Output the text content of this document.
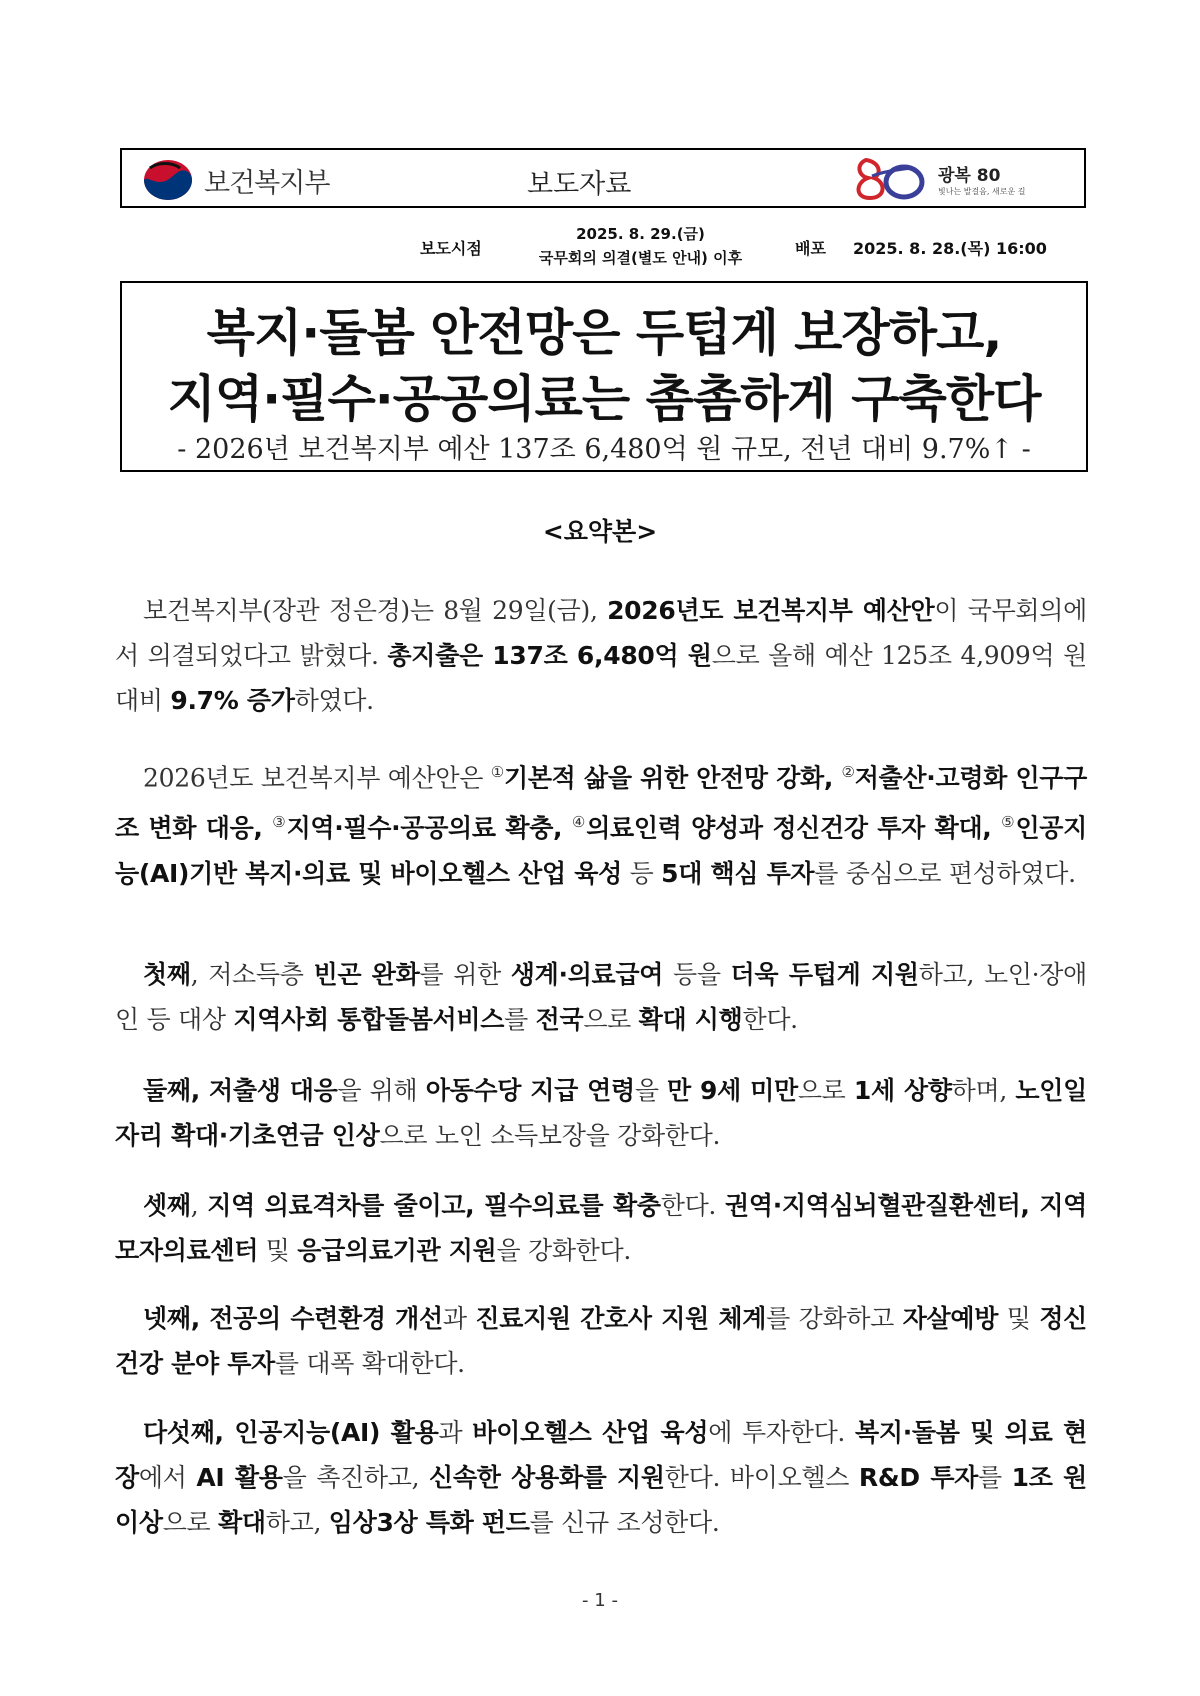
보건복지부	보도자료	광복 80
빛나는 발걸음, 새로운 길
보도시점
2025. 8. 29.(금)
국무회의 의결(별도 안내) 이후	배포 2025. 8. 28.(목) 16:00
복지·돌봄 안전망은 두텁게 보장하고,
지역·필수·공공의료는 촘촘하게 구축한다
- 2026년 보건복지부 예산 137조 6,480억 원 규모, 전년 대비 9.7%↑ -
<요약본>
보건복지부(장관 정은경)는 8월 29일(금), 2026년도 보건복지부 예산안이 국무회의에서 의결되었다고 밝혔다. 총지출은 137조 6,480억 원으로 올해 예산 125조 4,909억 원 대비 9.7% 증가하였다.
2026년도 보건복지부 예산안은 ①기본적 삶을 위한 안전망 강화, ②저출산·고령화 인구구조 변화 대응, ③지역·필수·공공의료 확충, ④의료인력 양성과 정신건강 투자 확대, ⑤인공지능(AI)기반 복지·의료 및 바이오헬스 산업 육성 등 5대 핵심 투자를 중심으로 편성하였다.
첫째, 저소득층 빈곤 완화를 위한 생계·의료급여 등을 더욱 두텁게 지원하고, 노인·장애인 등 대상 지역사회 통합돌봄서비스를 전국으로 확대 시행한다.
둘째, 저출생 대응을 위해 아동수당 지급 연령을 만 9세 미만으로 1세 상향하며, 노인일자리 확대·기초연금 인상으로 노인 소득보장을 강화한다.
셋째, 지역 의료격차를 줄이고, 필수의료를 확충한다. 권역·지역심뇌혈관질환센터, 지역모자의료센터 및 응급의료기관 지원을 강화한다.
넷째, 전공의 수련환경 개선과 진료지원 간호사 지원 체계를 강화하고 자살예방 및 정신건강 분야 투자를 대폭 확대한다.
다섯째, 인공지능(AI) 활용과 바이오헬스 산업 육성에 투자한다. 복지·돌봄 및 의료 현장에서 AI 활용을 촉진하고, 신속한 상용화를 지원한다. 바이오헬스 R&D 투자를 1조 원 이상으로 확대하고, 임상3상 특화 펀드를 신규 조성한다.
- 1 -
